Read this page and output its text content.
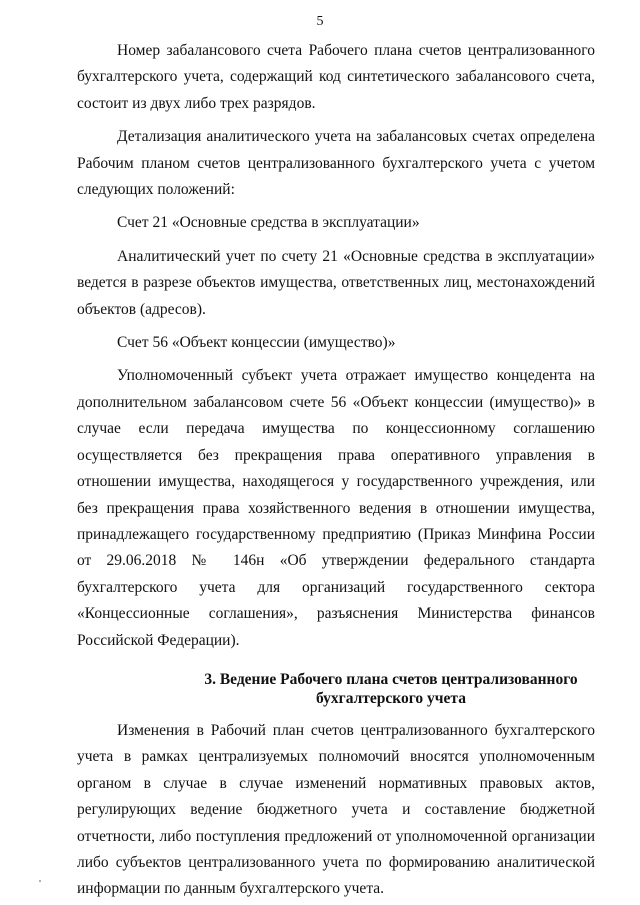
5

Номер забалансового счета Рабочего плана счетов централизованного бухгалтерского учета, содержащий код синтетического забалансового счета, состоит из двух либо трех разрядов.

Детализация аналитического учета на забалансовых счетах определена Рабочим планом счетов централизованного бухгалтерского учета с учетом следующих положений:

Счет 21 «Основные средства в эксплуатации»

Аналитический учет по счету 21 «Основные средства в эксплуатации» ведется в разрезе объектов имущества, ответственных лиц, местонахождений объектов (адресов).

Счет 56 «Объект концессии (имущество)»

Уполномоченный субъект учета отражает имущество концедента на дополнительном забалансовом счете 56 «Объект концессии (имущество)» в случае если передача имущества по концессионному соглашению осуществляется без прекращения права оперативного управления в отношении имущества, находящегося у государственного учреждения, или без прекращения права хозяйственного ведения в отношении имущества, принадлежащего государственному предприятию (Приказ Минфина России от 29.06.2018 № 146н «Об утверждении федерального стандарта бухгалтерского учета для организаций государственного сектора «Концессионные соглашения», разъяснения Министерства финансов Российской Федерации).

3. Ведение Рабочего плана счетов централизованного
бухгалтерского учета

Изменения в Рабочий план счетов централизованного бухгалтерского учета в рамках централизуемых полномочий вносятся уполномоченным органом в случае в случае изменений нормативных правовых актов, регулирующих ведение бюджетного учета и составление бюджетной отчетности, либо поступления предложений от уполномоченной организации либо субъектов централизованного учета по формированию аналитической информации по данным бухгалтерского учета.
